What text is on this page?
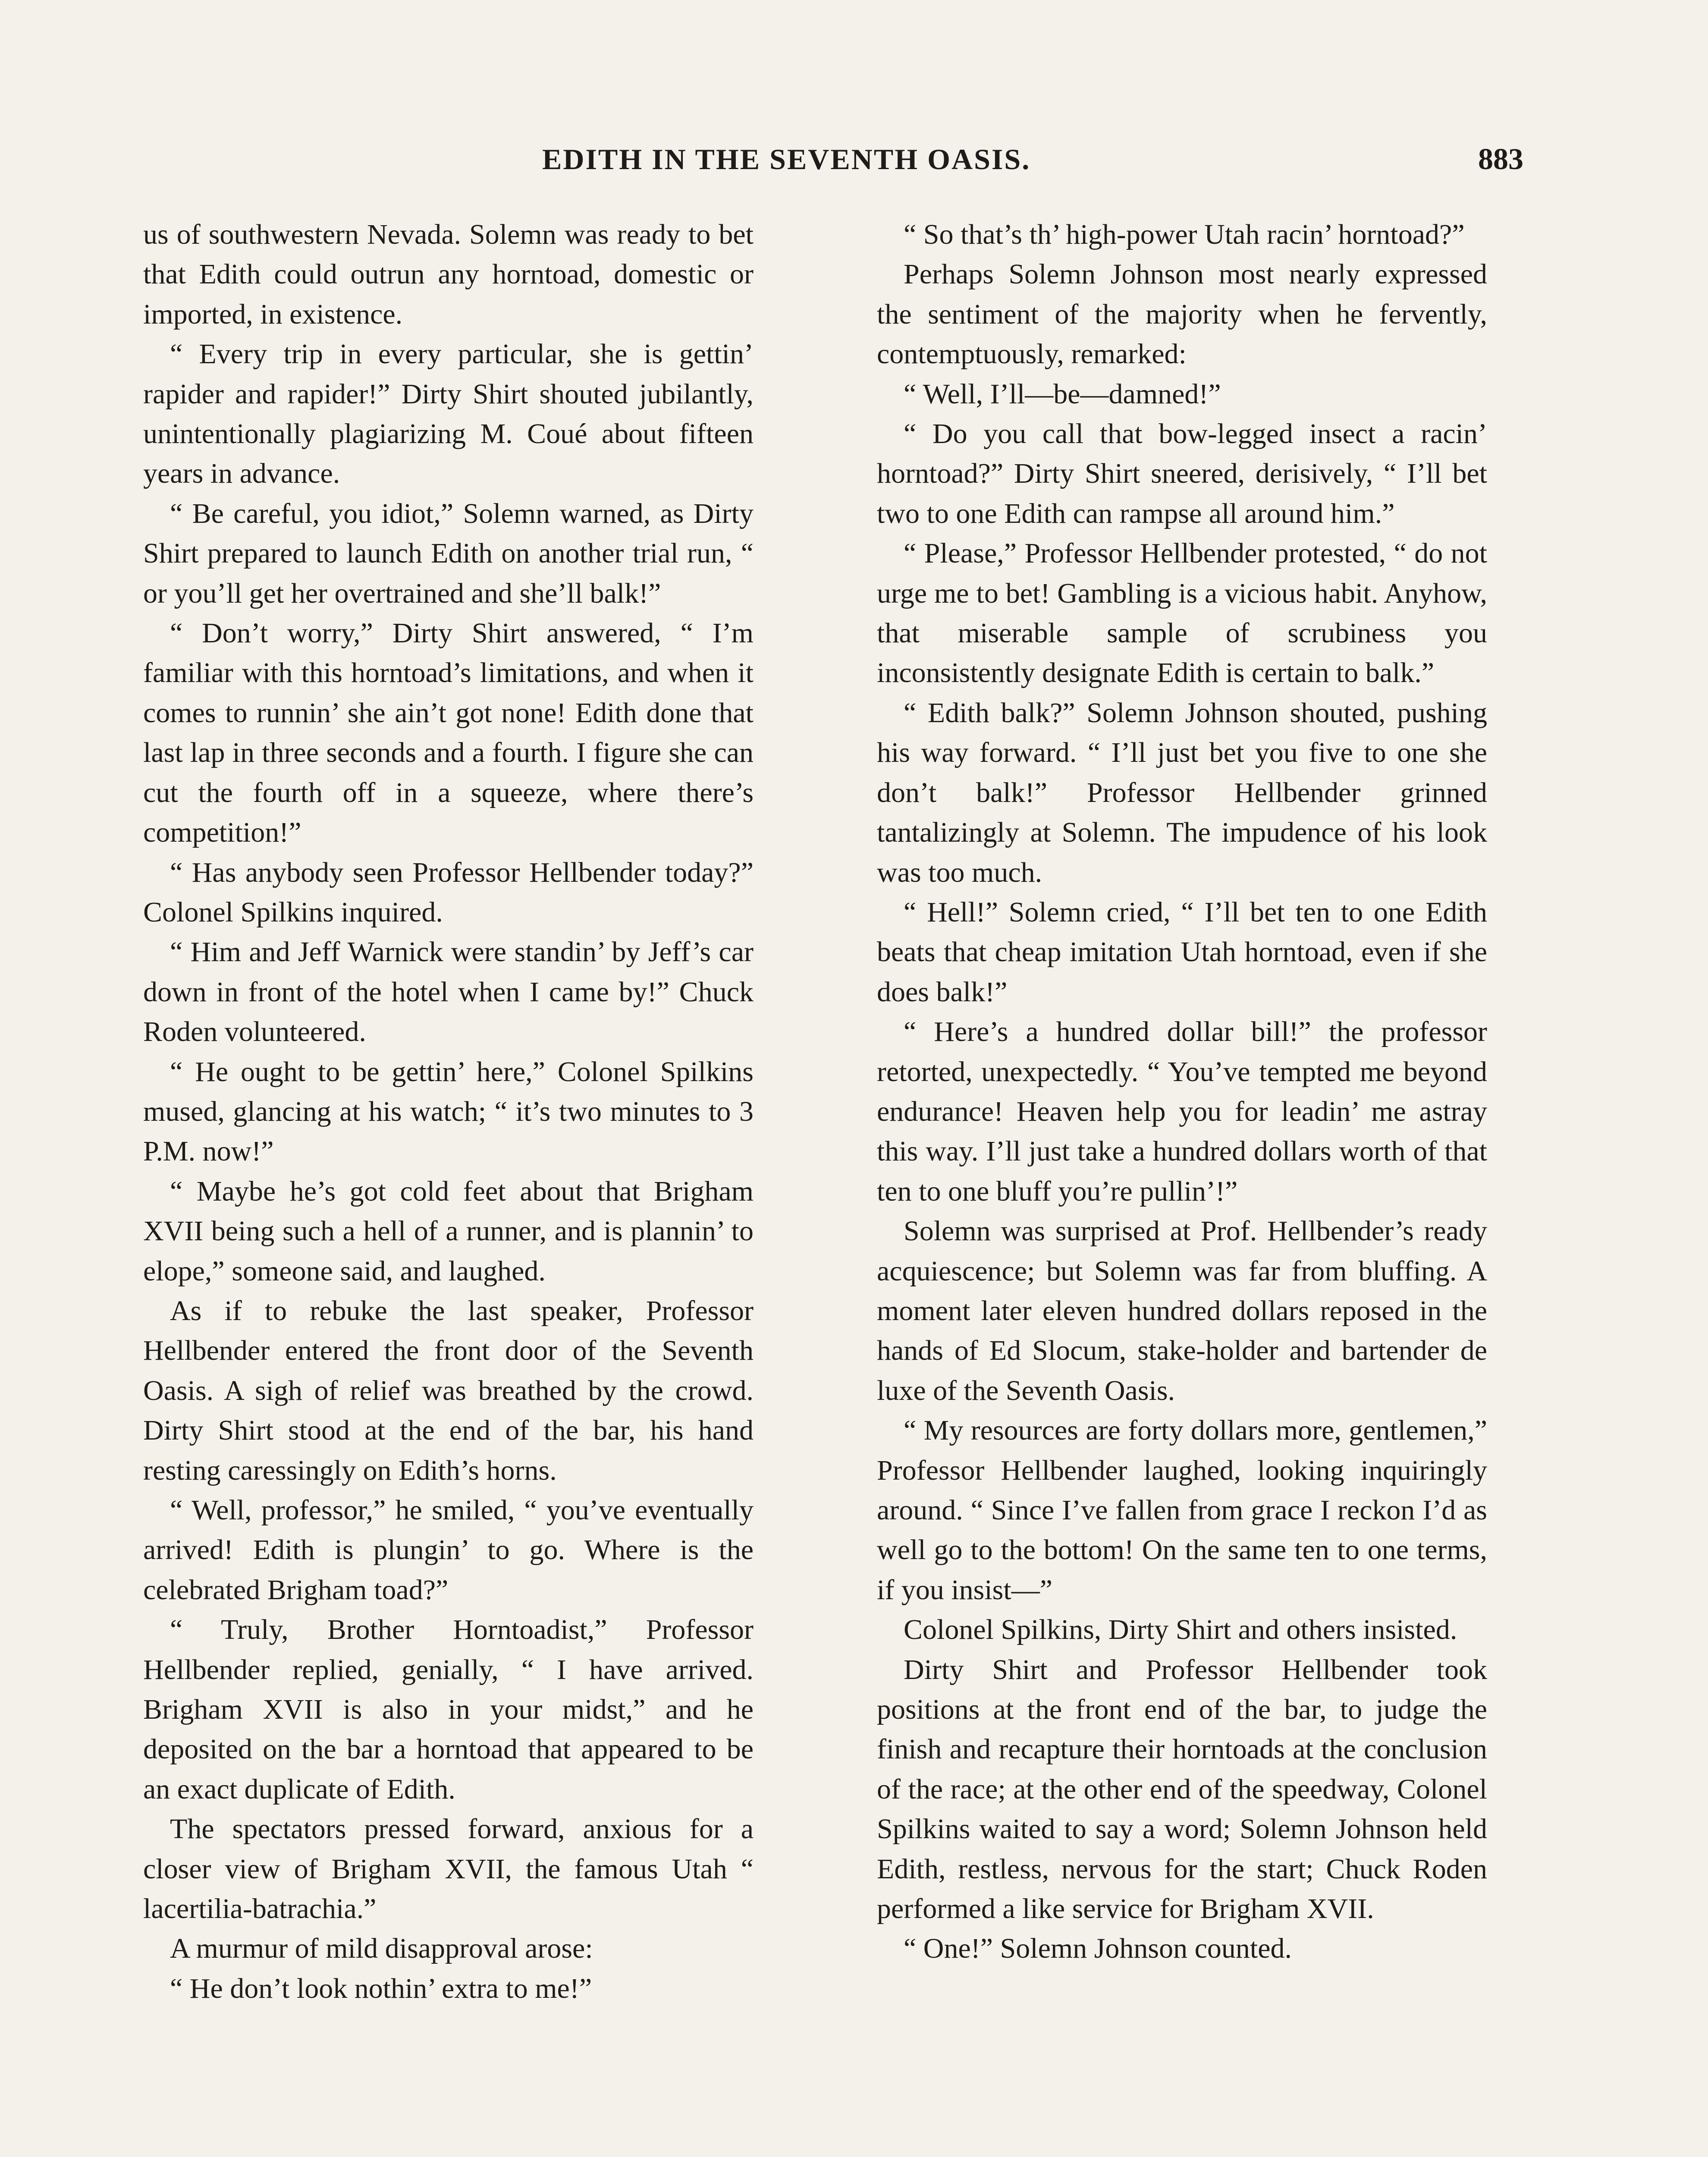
EDITH IN THE SEVENTH OASIS.	883

us of southwestern Nevada. Solemn was ready to bet that Edith could outrun any horntoad, domestic or imported, in existence.

“ Every trip in every particular, she is gettin’ rapider and rapider!” Dirty Shirt shouted jubilantly, unintentionally plagiarizing M. Coué about fifteen years in advance.

“ Be careful, you idiot,” Solemn warned, as Dirty Shirt prepared to launch Edith on another trial run, “ or you’ll get her overtrained and she’ll balk!”

“ Don’t worry,” Dirty Shirt answered, “ I’m familiar with this horntoad’s limitations, and when it comes to runnin’ she ain’t got none! Edith done that last lap in three seconds and a fourth. I figure she can cut the fourth off in a squeeze, where there’s competition!”

“ Has anybody seen Professor Hellbender today?” Colonel Spilkins inquired.

“ Him and Jeff Warnick were standin’ by Jeff’s car down in front of the hotel when I came by!” Chuck Roden volunteered.

“ He ought to be gettin’ here,” Colonel Spilkins mused, glancing at his watch; “ it’s two minutes to 3 P.M. now!”

“ Maybe he’s got cold feet about that Brigham XVII being such a hell of a runner, and is plannin’ to elope,” someone said, and laughed.

As if to rebuke the last speaker, Professor Hellbender entered the front door of the Seventh Oasis. A sigh of relief was breathed by the crowd. Dirty Shirt stood at the end of the bar, his hand resting caressingly on Edith’s horns.

“ Well, professor,” he smiled, “ you’ve eventually arrived! Edith is plungin’ to go. Where is the celebrated Brigham toad?”

“ Truly, Brother Horntoadist,” Professor Hellbender replied, genially, “ I have arrived. Brigham XVII is also in your midst,” and he deposited on the bar a horntoad that appeared to be an exact duplicate of Edith.

The spectators pressed forward, anxious for a closer view of Brigham XVII, the famous Utah “ lacertilia-batrachia.”

A murmur of mild disapproval arose:

“ He don’t look nothin’ extra to me!”

“ So that’s th’ high-power Utah racin’ horntoad?”

Perhaps Solemn Johnson most nearly expressed the sentiment of the majority when he fervently, contemptuously, remarked:

“ Well, I’ll—be—damned!”

“ Do you call that bow-legged insect a racin’ horntoad?” Dirty Shirt sneered, derisively, “ I’ll bet two to one Edith can rampse all around him.”

“ Please,” Professor Hellbender protested, “ do not urge me to bet! Gambling is a vicious habit. Anyhow, that miserable sample of scrubiness you inconsistently designate Edith is certain to balk.”

“ Edith balk?” Solemn Johnson shouted, pushing his way forward. “ I’ll just bet you five to one she don’t balk!” Professor Hellbender grinned tantalizingly at Solemn. The impudence of his look was too much.

“ Hell!” Solemn cried, “ I’ll bet ten to one Edith beats that cheap imitation Utah horntoad, even if she does balk!”

“ Here’s a hundred dollar bill!” the professor retorted, unexpectedly. “ You’ve tempted me beyond endurance! Heaven help you for leadin’ me astray this way. I’ll just take a hundred dollars worth of that ten to one bluff you’re pullin’!”

Solemn was surprised at Prof. Hellbender’s ready acquiescence; but Solemn was far from bluffing. A moment later eleven hundred dollars reposed in the hands of Ed Slocum, stake-holder and bartender de luxe of the Seventh Oasis.

“ My resources are forty dollars more, gentlemen,” Professor Hellbender laughed, looking inquiringly around. “ Since I’ve fallen from grace I reckon I’d as well go to the bottom! On the same ten to one terms, if you insist—”

Colonel Spilkins, Dirty Shirt and others insisted.

Dirty Shirt and Professor Hellbender took positions at the front end of the bar, to judge the finish and recapture their horntoads at the conclusion of the race; at the other end of the speedway, Colonel Spilkins waited to say a word; Solemn Johnson held Edith, restless, nervous for the start; Chuck Roden performed a like service for Brigham XVII.

“ One!” Solemn Johnson counted.
